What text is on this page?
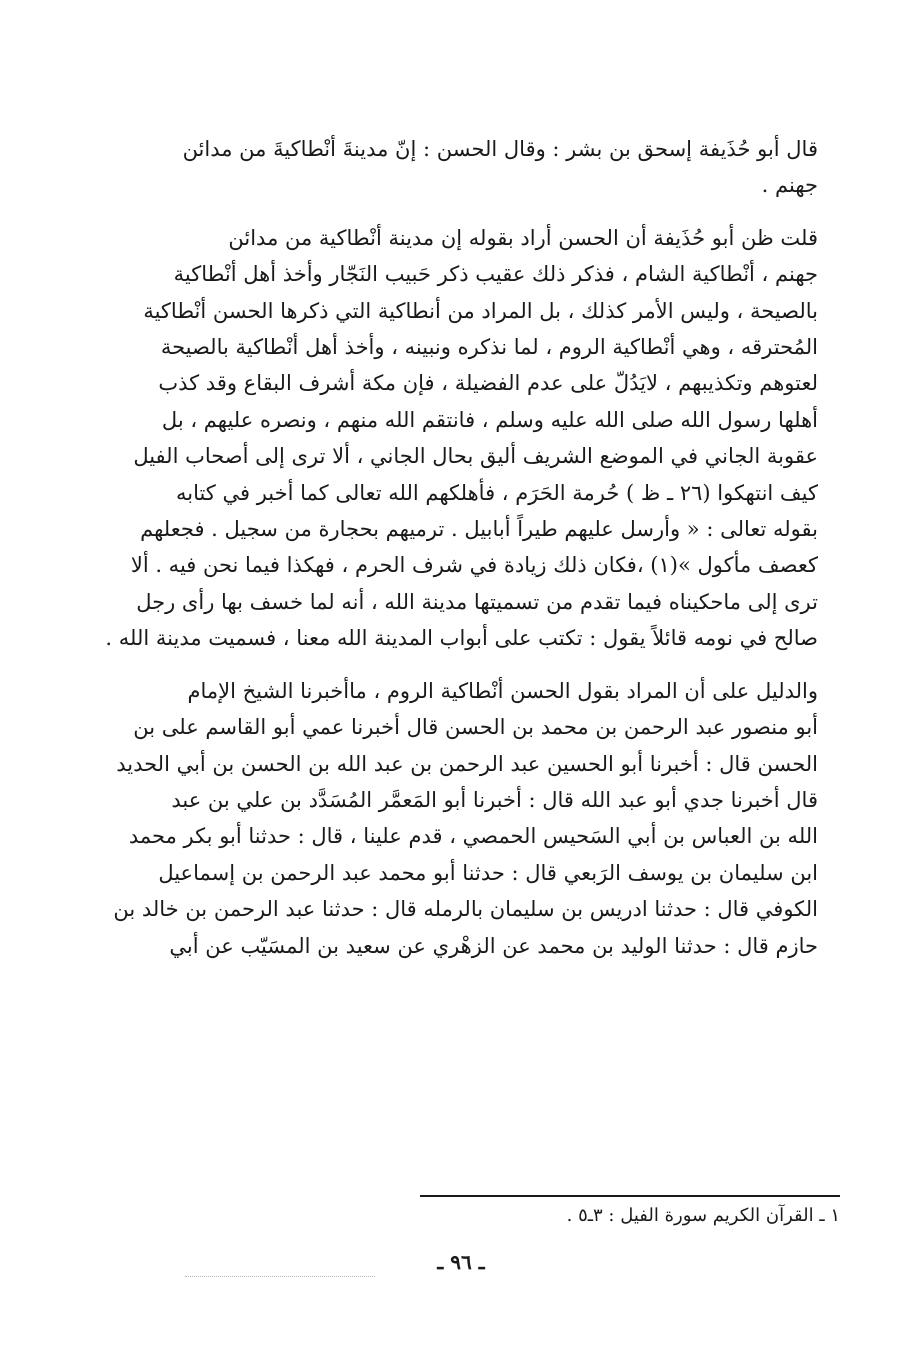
قال أبو حُذَيفة إسحق بن بشر : وقال الحسن : إنّ مدينةَ أنْطاكيةَ من مدائن
جهنم .

قلت ظن أبو حُذَيفة أن الحسن أراد بقوله إن مدينة أنْطاكية من مدائن
جهنم ، أنْطاكية الشام ، فذكر ذلك عقيب ذكر حَبيب النَجّار وأخذ أهل أنْطاكية
بالصيحة ، وليس الأمر كذلك ، بل المراد من أنطاكية التي ذكرها الحسن أنْطاكية
المُحترقه ، وهي أنْطاكية الروم ، لما نذكره ونبينه ، وأخذ أهل أنْطاكية بالصيحة
لعتوهم وتكذيبهم ، لايَدُلّ على عدم الفضيلة ، فإن مكة أشرف البقاع وقد كذب
أهلها رسول الله صلى الله عليه وسلم ، فانتقم الله منهم ، ونصره عليهم ، بل
عقوبة الجاني في الموضع الشريف أليق بحال الجاني ، ألا ترى إلى أصحاب الفيل
كيف انتهكوا (٢٦ ـ ظ ) حُرمة الحَرَم ، فأهلكهم الله تعالى كما أخبر في كتابه
بقوله تعالى : « وأرسل عليهم طيراً أبابيل . ترميهم بحجارة من سجيل . فجعلهم
كعصف مأكول »(١) ،فكان ذلك زيادة في شرف الحرم ، فهكذا فيما نحن فيه . ألا
ترى إلى ماحكيناه فيما تقدم من تسميتها مدينة الله ، أنه لما خسف بها رأى رجل
صالح في نومه قائلاً يقول : تكتب على أبواب المدينة الله معنا ، فسميت مدينة الله .

والدليل على أن المراد بقول الحسن أنْطاكية الروم ، ماأخبرنا الشيخ الإمام
أبو منصور عبد الرحمن بن محمد بن الحسن قال أخبرنا عمي أبو القاسم على بن
الحسن قال : أخبرنا أبو الحسين عبد الرحمن بن عبد الله بن الحسن بن أبي الحديد
قال أخبرنا جدي أبو عبد الله قال : أخبرنا أبو المَعمَّر المُسَدَّد بن علي بن عبد
الله بن العباس بن أبي السَحيس الحمصي ، قدم علينا ، قال : حدثنا أبو بكر محمد
ابن سليمان بن يوسف الرَبعي قال : حدثنا أبو محمد عبد الرحمن بن إسماعيل
الكوفي قال : حدثنا ادريس بن سليمان بالرمله قال : حدثنا عبد الرحمن بن خالد بن
حازم قال : حدثنا الوليد بن محمد عن الزهْري عن سعيد بن المسَيّب عن أبي

١ ـ القرآن الكريم سورة الفيل : ٣ـ٥ .
ـ ٩٦ ـ
